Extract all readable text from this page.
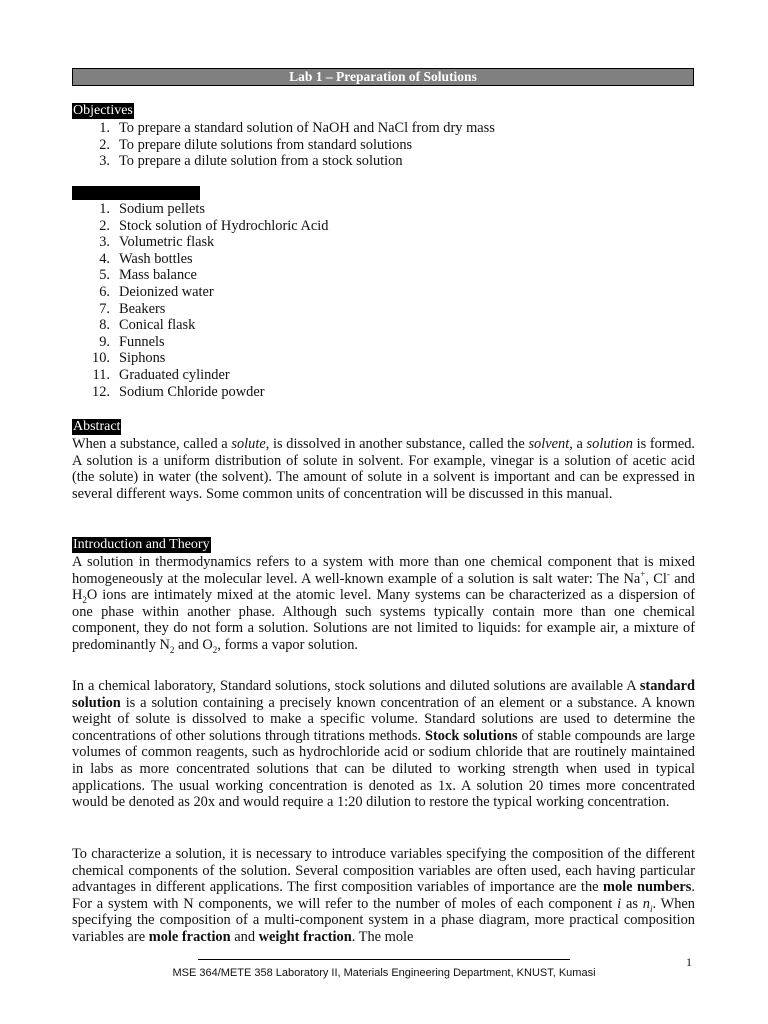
Lab 1 – Preparation of Solutions
Objectives
1. To prepare a standard solution of NaOH and NaCl from dry mass
2. To prepare dilute solutions from standard solutions
3. To prepare a dilute solution from a stock solution
1. Sodium pellets
2. Stock solution of Hydrochloric Acid
3. Volumetric flask
4. Wash bottles
5. Mass balance
6. Deionized water
7. Beakers
8. Conical flask
9. Funnels
10. Siphons
11. Graduated cylinder
12. Sodium Chloride powder
Abstract

When a substance, called a solute, is dissolved in another substance, called the solvent, a solution is formed. A solution is a uniform distribution of solute in solvent. For example, vinegar is a solution of acetic acid (the solute) in water (the solvent). The amount of solute in a solvent is important and can be expressed in several different ways. Some common units of concentration will be discussed in this manual.

Introduction and Theory

A solution in thermodynamics refers to a system with more than one chemical component that is mixed homogeneously at the molecular level. A well-known example of a solution is salt water: The Na+, Cl- and $H_2O$ ions are intimately mixed at the atomic level. Many systems can be characterized as a dispersion of one phase within another phase. Although such systems typically contain more than one chemical component, they do not form a solution. Solutions are not limited to liquids: for example air, a mixture of predominantly $N_2$ and $O_2$, forms a vapor solution.

In a chemical laboratory, Standard solutions, stock solutions and diluted solutions are available A standard solution is a solution containing a precisely known concentration of an element or a substance. A known weight of solute is dissolved to make a specific volume. Standard solutions are used to determine the concentrations of other solutions through titrations methods. Stock solutions of stable compounds are large volumes of common reagents, such as hydrochloride acid or sodium chloride that are routinely maintained in labs as more concentrated solutions that can be diluted to working strength when used in typical applications. The usual working concentration is denoted as 1x. A solution 20 times more concentrated would be denoted as 20x and would require a 1:20 dilution to restore the typical working concentration.

To characterize a solution, it is necessary to introduce variables specifying the composition of the different chemical components of the solution. Several composition variables are often used, each having particular advantages in different applications. The first composition variables of importance are the mole numbers. For a system with N components, we will refer to the number of moles of each component i as $n_i$. When specifying the composition of a multi-component system in a phase diagram, more practical composition variables are mole fraction and weight fraction. The mole

1
MSE 364/METE 358 Laboratory II, Materials Engineering Department, KNUST, Kumasi
